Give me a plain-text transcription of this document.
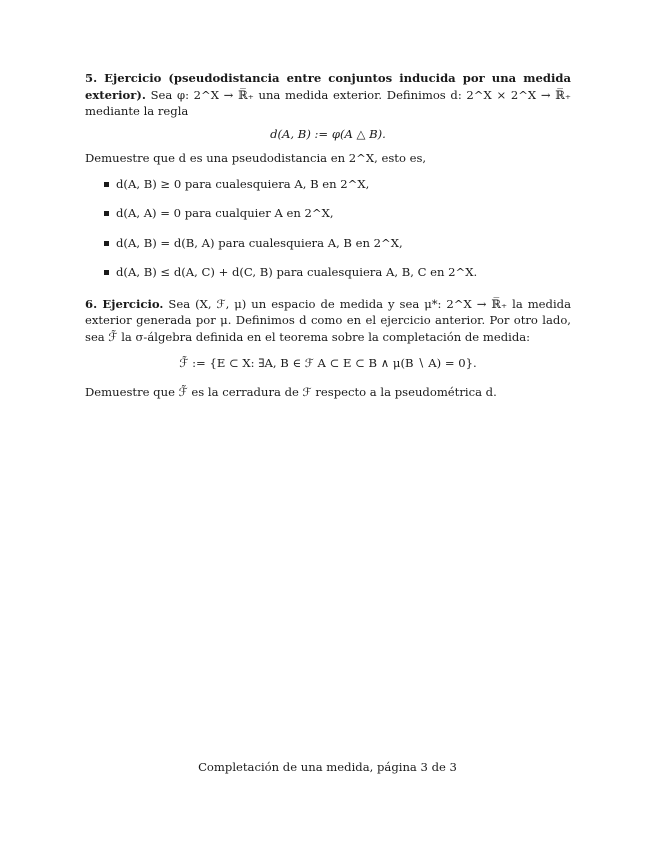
5. Ejercicio (pseudodistancia entre conjuntos inducida por una medida exterior). Sea φ: 2^X → ℝ̅₊ una medida exterior. Definimos d: 2^X × 2^X → ℝ̅₊ mediante la regla

d(A, B) := φ(A △ B).

Demuestre que d es una pseudodistancia en 2^X, esto es,

d(A, B) ≥ 0 para cualesquiera A, B en 2^X,
d(A, A) = 0 para cualquier A en 2^X,
d(A, B) = d(B, A) para cualesquiera A, B en 2^X,
d(A, B) ≤ d(A, C) + d(C, B) para cualesquiera A, B, C en 2^X.

6. Ejercicio. Sea (X, ℱ, μ) un espacio de medida y sea μ*: 2^X → ℝ̅₊ la medida exterior generada por μ. Definimos d como en el ejercicio anterior. Por otro lado, sea ℱ̃ la σ-álgebra definida en el teorema sobre la completación de medida:

ℱ̃ := {E ⊂ X: ∃A, B ∈ ℱ A ⊂ E ⊂ B ∧ μ(B ∖ A) = 0}.

Demuestre que ℱ̃ es la cerradura de ℱ respecto a la pseudométrica d.

Completación de una medida, página 3 de 3
